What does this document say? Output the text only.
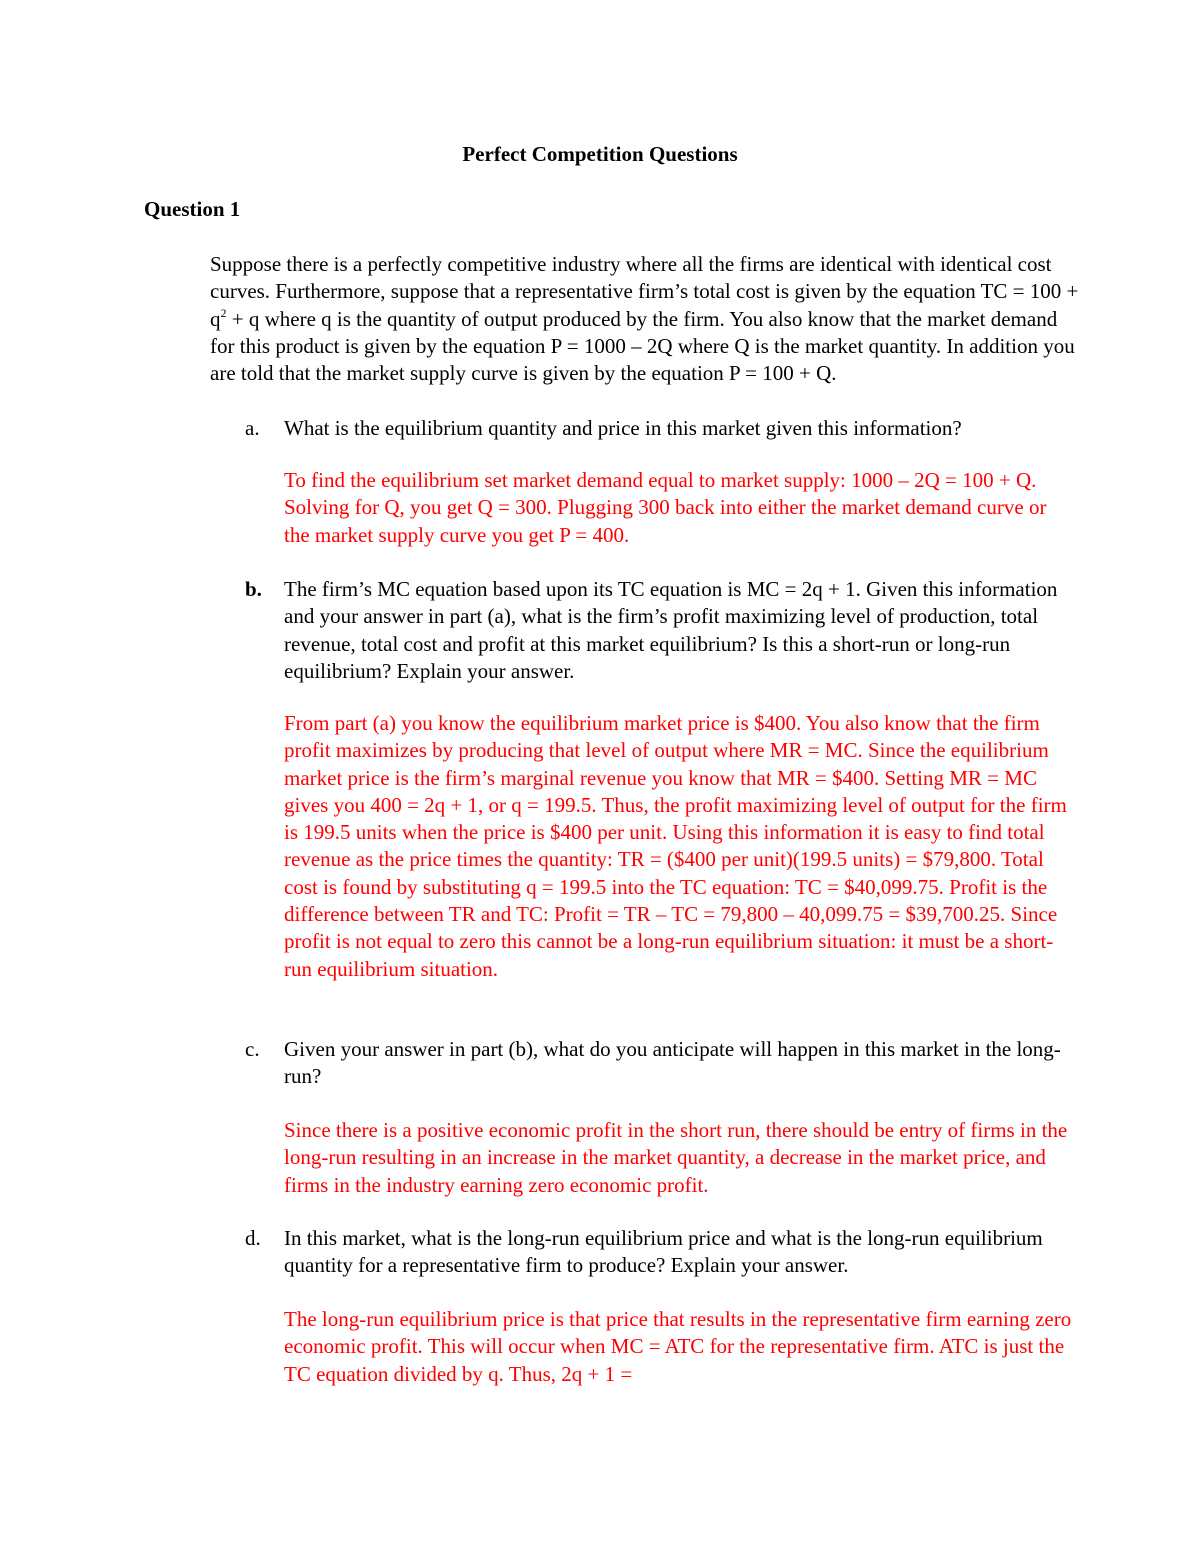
Perfect Competition Questions
Question 1
Suppose there is a perfectly competitive industry where all the firms are identical with identical cost curves. Furthermore, suppose that a representative firm’s total cost is given by the equation TC = $100 + q^2 + q$ where q is the quantity of output produced by the firm. You also know that the market demand for this product is given by the equation P = 1000 – 2Q where Q is the market quantity. In addition you are told that the market supply curve is given by the equation P = 100 + Q.
a.	What is the equilibrium quantity and price in this market given this information?
To find the equilibrium set market demand equal to market supply: 1000 – 2Q = 100 + Q. Solving for Q, you get Q = 300. Plugging 300 back into either the market demand curve or the market supply curve you get P = 400.
b.	The firm’s MC equation based upon its TC equation is MC = 2q + 1. Given this information and your answer in part (a), what is the firm’s profit maximizing level of production, total revenue, total cost and profit at this market equilibrium? Is this a short-run or long-run equilibrium? Explain your answer.
From part (a) you know the equilibrium market price is $400. You also know that the firm profit maximizes by producing that level of output where MR = MC. Since the equilibrium market price is the firm’s marginal revenue you know that MR = $400. Setting MR = MC gives you 400 = 2q + 1, or q = 199.5. Thus, the profit maximizing level of output for the firm is 199.5 units when the price is $400 per unit. Using this information it is easy to find total revenue as the price times the quantity: TR = ($400 per unit)(199.5 units) = $79,800. Total cost is found by substituting q = 199.5 into the TC equation: TC = $40,099.75. Profit is the difference between TR and TC: Profit = TR – TC = 79,800 – 40,099.75 = $39,700.25. Since profit is not equal to zero this cannot be a long-run equilibrium situation: it must be a short-run equilibrium situation.
c.	Given your answer in part (b), what do you anticipate will happen in this market in the long-run?
Since there is a positive economic profit in the short run, there should be entry of firms in the long-run resulting in an increase in the market quantity, a decrease in the market price, and firms in the industry earning zero economic profit.
d.	In this market, what is the long-run equilibrium price and what is the long-run equilibrium quantity for a representative firm to produce? Explain your answer.
The long-run equilibrium price is that price that results in the representative firm earning zero economic profit. This will occur when MC = ATC for the representative firm. ATC is just the TC equation divided by q. Thus, 2q + 1 =
